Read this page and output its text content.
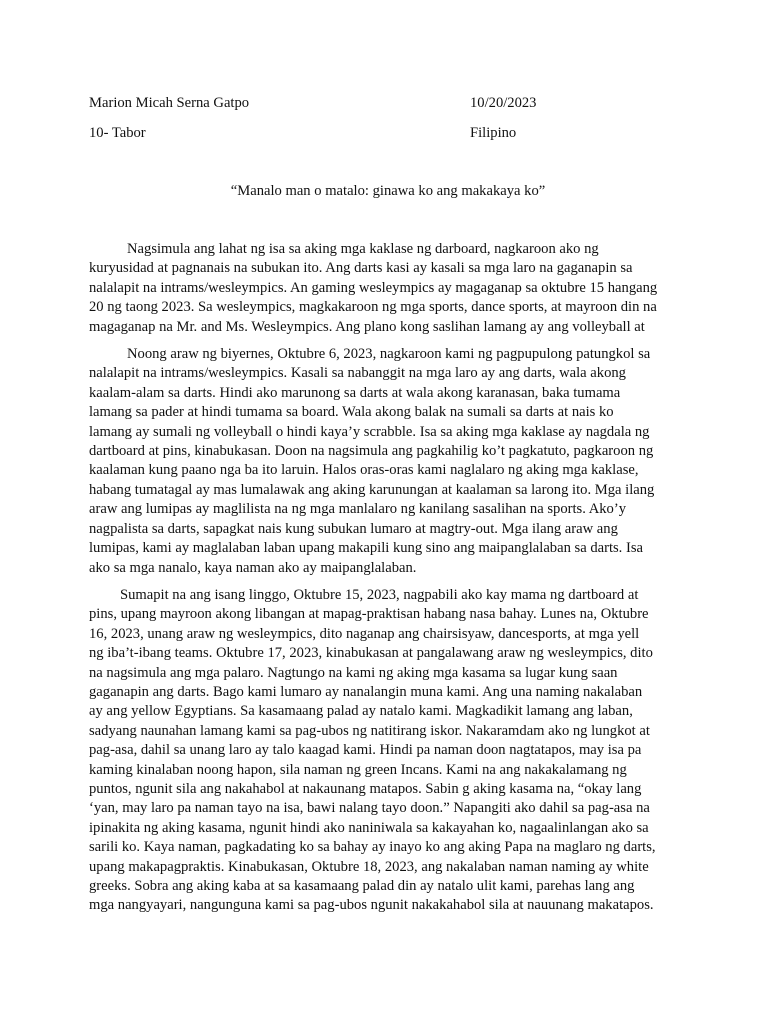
Marion Micah Serna Gatpo	10/20/2023
10- Tabor	Filipino
“Manalo man o matalo: ginawa ko ang makakaya ko”
Nagsimula ang lahat ng isa sa aking mga kaklase ng darboard, nagkaroon ako ng
kuryusidad at pagnanais na subukan ito. Ang darts kasi ay kasali sa mga laro na gaganapin sa
nalalapit na intrams/wesleympics. An gaming wesleympics ay magaganap sa oktubre 15 hangang
20 ng taong 2023. Sa wesleympics, magkakaroon ng mga sports, dance sports, at mayroon din na
magaganap na Mr. and Ms. Wesleympics. Ang plano kong saslihan lamang ay ang volleyball at
Noong araw ng biyernes, Oktubre 6, 2023, nagkaroon kami ng pagpupulong patungkol sa
nalalapit na intrams/wesleympics. Kasali sa nabanggit na mga laro ay ang darts, wala akong
kaalam-alam sa darts. Hindi ako marunong sa darts at wala akong karanasan, baka tumama
lamang sa pader at hindi tumama sa board. Wala akong balak na sumali sa darts at nais ko
lamang ay sumali ng volleyball o hindi kaya’y scrabble. Isa sa aking mga kaklase ay nagdala ng
dartboard at pins, kinabukasan. Doon na nagsimula ang pagkahilig ko’t pagkatuto, pagkaroon ng
kaalaman kung paano nga ba ito laruin. Halos oras-oras kami naglalaro ng aking mga kaklase,
habang tumatagal ay mas lumalawak ang aking karunungan at kaalaman sa larong ito. Mga ilang
araw ang lumipas ay maglilista na ng mga manlalaro ng kanilang sasalihan na sports. Ako’y
nagpalista sa darts, sapagkat nais kung subukan lumaro at magtry-out. Mga ilang araw ang
lumipas, kami ay maglalaban laban upang makapili kung sino ang maipanglalaban sa darts. Isa
ako sa mga nanalo, kaya naman ako ay maipanglalaban.
Sumapit na ang isang linggo, Oktubre 15, 2023, nagpabili ako kay mama ng dartboard at
pins, upang mayroon akong libangan at mapag-praktisan habang nasa bahay. Lunes na, Oktubre
16, 2023, unang araw ng wesleympics, dito naganap ang chairsisyaw, dancesports, at mga yell
ng iba’t-ibang teams. Oktubre 17, 2023, kinabukasan at pangalawang araw ng wesleympics, dito
na nagsimula ang mga palaro. Nagtungo na kami ng aking mga kasama sa lugar kung saan
gaganapin ang darts. Bago kami lumaro ay nanalangin muna kami. Ang una naming nakalaban
ay ang yellow Egyptians. Sa kasamaang palad ay natalo kami. Magkadikit lamang ang laban,
sadyang naunahan lamang kami sa pag-ubos ng natitirang iskor. Nakaramdam ako ng lungkot at
pag-asa, dahil sa unang laro ay talo kaagad kami. Hindi pa naman doon nagtatapos, may isa pa
kaming kinalaban noong hapon, sila naman ng green Incans. Kami na ang nakakalamang ng
puntos, ngunit sila ang nakahabol at nakaunang matapos. Sabin g aking kasama na, “okay lang
‘yan, may laro pa naman tayo na isa, bawi nalang tayo doon.” Napangiti ako dahil sa pag-asa na
ipinakita ng aking kasama, ngunit hindi ako naniniwala sa kakayahan ko, nagaalinlangan ako sa
sarili ko. Kaya naman, pagkadating ko sa bahay ay inayo ko ang aking Papa na maglaro ng darts,
upang makapagpraktis. Kinabukasan, Oktubre 18, 2023, ang nakalaban naman naming ay white
greeks. Sobra ang aking kaba at sa kasamaang palad din ay natalo ulit kami, parehas lang ang
mga nangyayari, nangunguna kami sa pag-ubos ngunit nakakahabol sila at nauunang makatapos.
